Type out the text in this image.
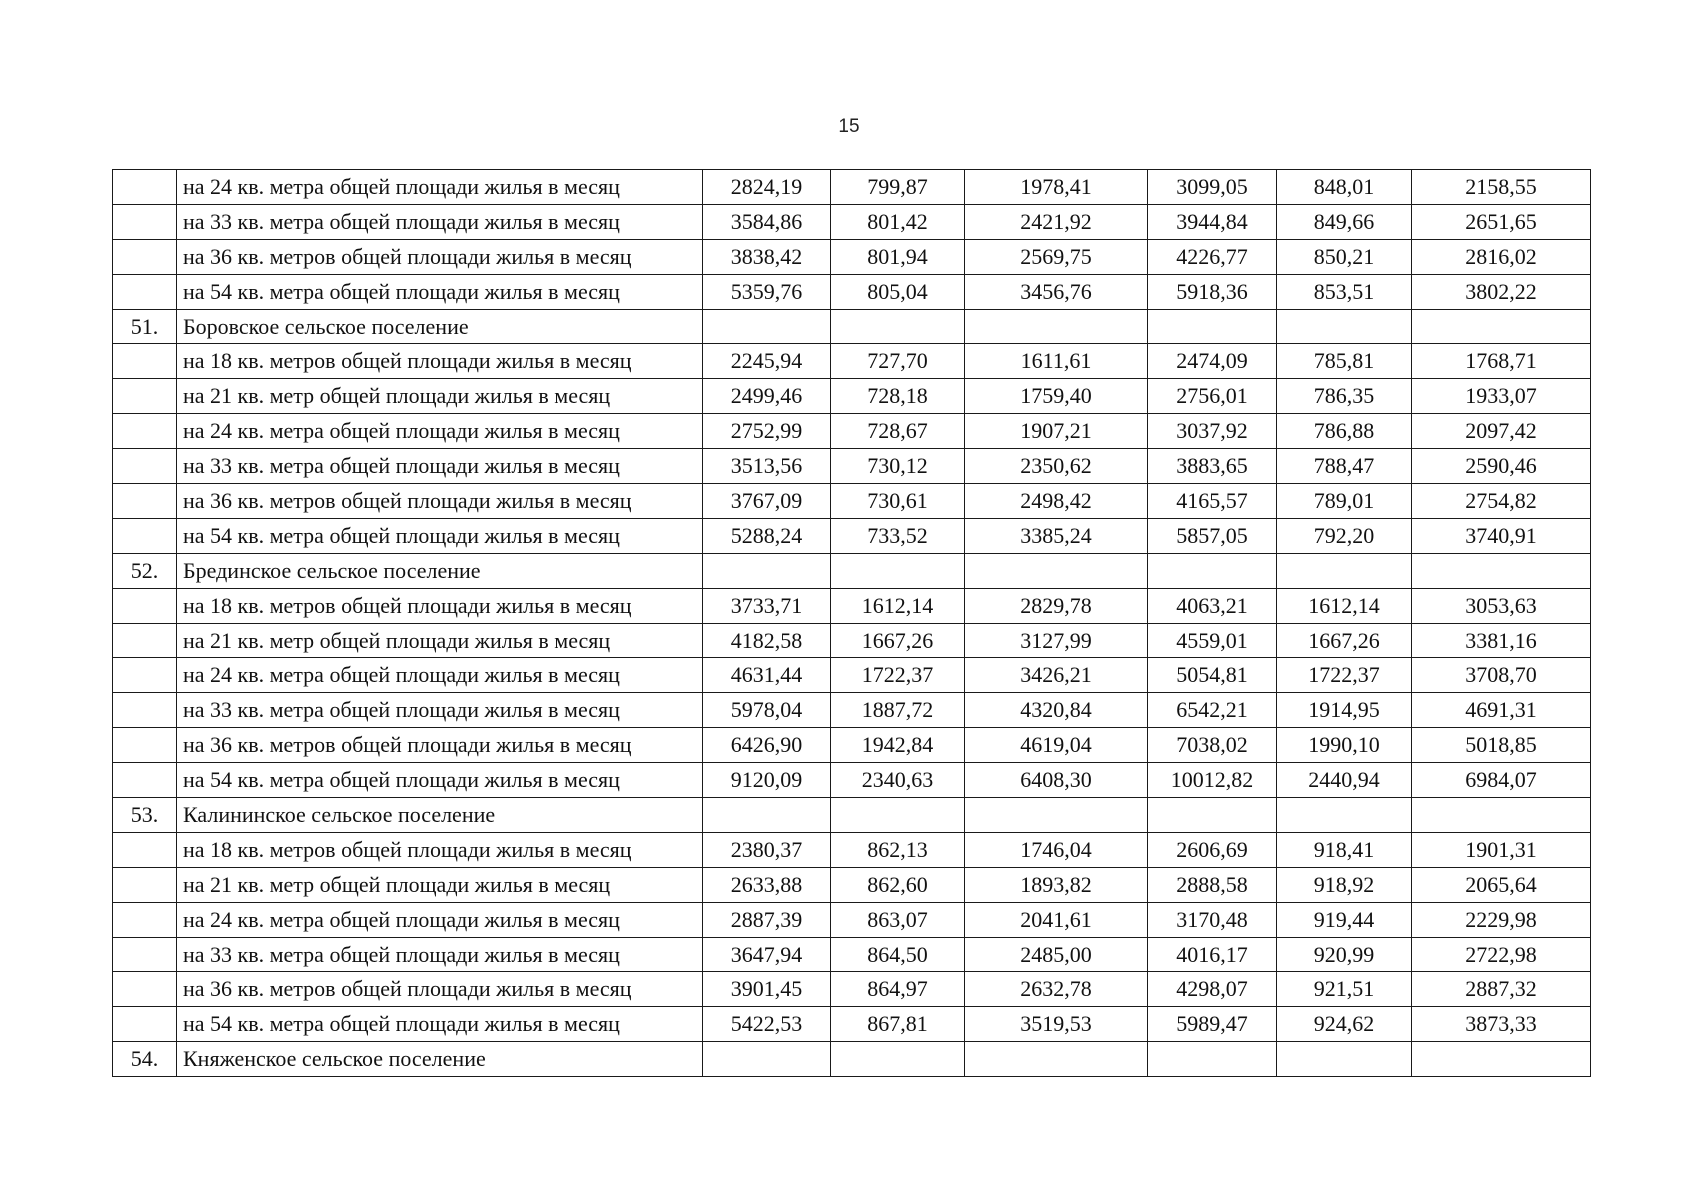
15
	на 24 кв. метра общей площади жилья в месяц	2824,19	799,87	1978,41	3099,05	848,01	2158,55
	на 33 кв. метра общей площади жилья в месяц	3584,86	801,42	2421,92	3944,84	849,66	2651,65
	на 36 кв. метров общей площади жилья в месяц	3838,42	801,94	2569,75	4226,77	850,21	2816,02
	на 54 кв. метра общей площади жилья в месяц	5359,76	805,04	3456,76	5918,36	853,51	3802,22
51.	Боровское сельское поселение						
	на 18 кв. метров общей площади жилья в месяц	2245,94	727,70	1611,61	2474,09	785,81	1768,71
	на 21 кв. метр общей площади жилья в месяц	2499,46	728,18	1759,40	2756,01	786,35	1933,07
	на 24 кв. метра общей площади жилья в месяц	2752,99	728,67	1907,21	3037,92	786,88	2097,42
	на 33 кв. метра общей площади жилья в месяц	3513,56	730,12	2350,62	3883,65	788,47	2590,46
	на 36 кв. метров общей площади жилья в месяц	3767,09	730,61	2498,42	4165,57	789,01	2754,82
	на 54 кв. метра общей площади жилья в месяц	5288,24	733,52	3385,24	5857,05	792,20	3740,91
52.	Брединское сельское поселение						
	на 18 кв. метров общей площади жилья в месяц	3733,71	1612,14	2829,78	4063,21	1612,14	3053,63
	на 21 кв. метр общей площади жилья в месяц	4182,58	1667,26	3127,99	4559,01	1667,26	3381,16
	на 24 кв. метра общей площади жилья в месяц	4631,44	1722,37	3426,21	5054,81	1722,37	3708,70
	на 33 кв. метра общей площади жилья в месяц	5978,04	1887,72	4320,84	6542,21	1914,95	4691,31
	на 36 кв. метров общей площади жилья в месяц	6426,90	1942,84	4619,04	7038,02	1990,10	5018,85
	на 54 кв. метра общей площади жилья в месяц	9120,09	2340,63	6408,30	10012,82	2440,94	6984,07
53.	Калининское сельское поселение						
	на 18 кв. метров общей площади жилья в месяц	2380,37	862,13	1746,04	2606,69	918,41	1901,31
	на 21 кв. метр общей площади жилья в месяц	2633,88	862,60	1893,82	2888,58	918,92	2065,64
	на 24 кв. метра общей площади жилья в месяц	2887,39	863,07	2041,61	3170,48	919,44	2229,98
	на 33 кв. метра общей площади жилья в месяц	3647,94	864,50	2485,00	4016,17	920,99	2722,98
	на 36 кв. метров общей площади жилья в месяц	3901,45	864,97	2632,78	4298,07	921,51	2887,32
	на 54 кв. метра общей площади жилья в месяц	5422,53	867,81	3519,53	5989,47	924,62	3873,33
54.	Княженское сельское поселение						
